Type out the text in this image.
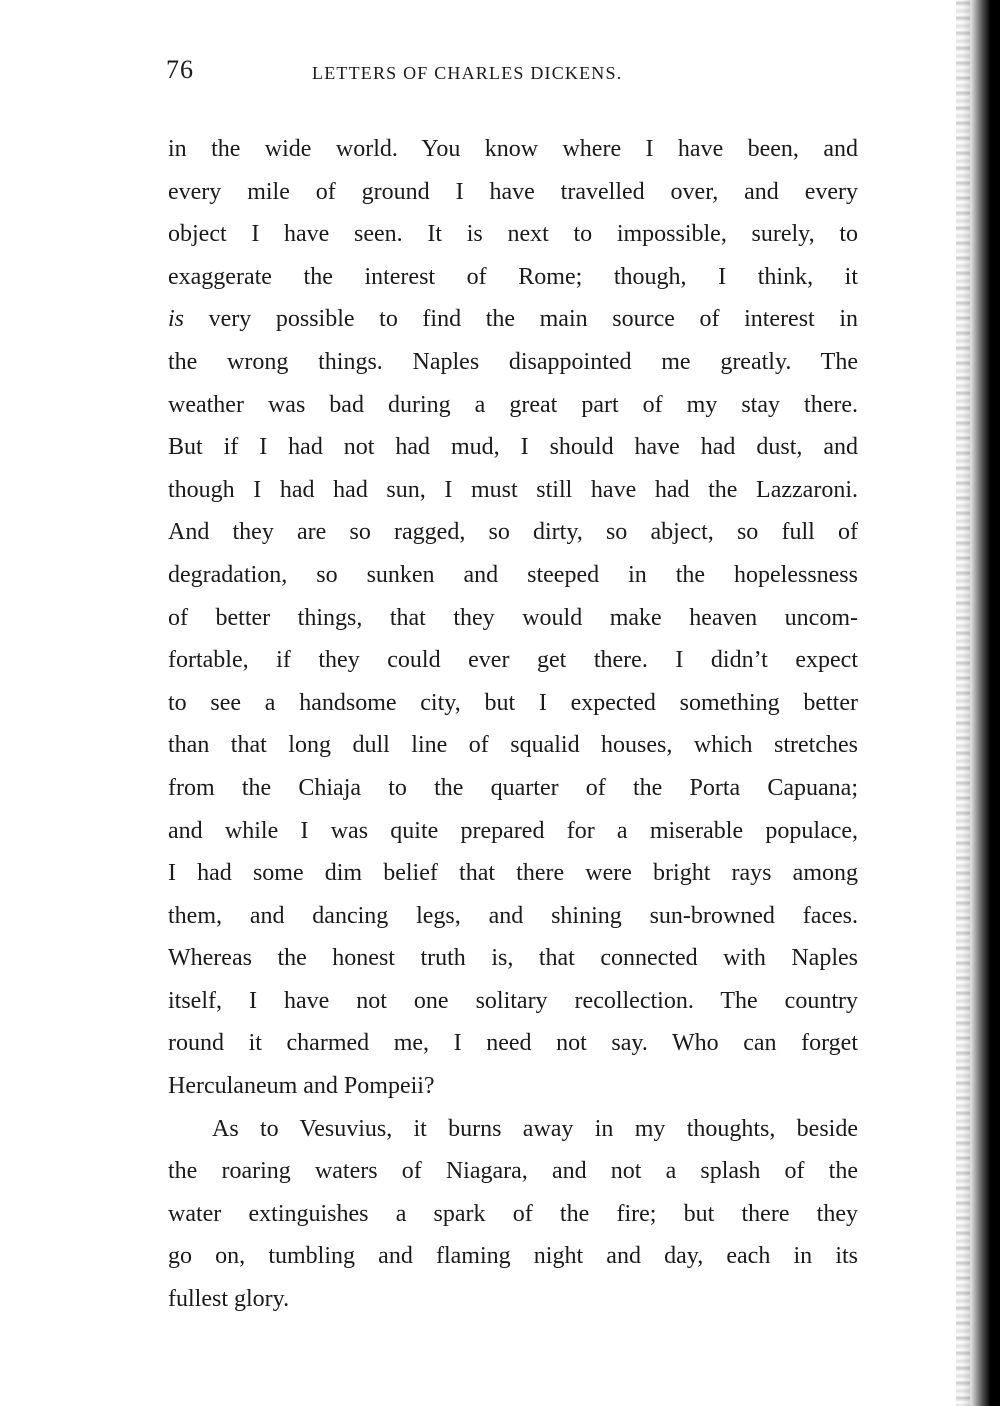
76	LETTERS OF CHARLES DICKENS.
in the wide world. You know where I have been, and
every mile of ground I have travelled over, and every
object I have seen. It is next to impossible, surely, to
exaggerate the interest of Rome; though, I think, it
is very possible to find the main source of interest in
the wrong things. Naples disappointed me greatly. The
weather was bad during a great part of my stay there.
But if I had not had mud, I should have had dust, and
though I had had sun, I must still have had the Lazzaroni.
And they are so ragged, so dirty, so abject, so full of
degradation, so sunken and steeped in the hopelessness
of better things, that they would make heaven uncom-
fortable, if they could ever get there. I didn’t expect
to see a handsome city, but I expected something better
than that long dull line of squalid houses, which stretches
from the Chiaja to the quarter of the Porta Capuana;
and while I was quite prepared for a miserable populace,
I had some dim belief that there were bright rays among
them, and dancing legs, and shining sun-browned faces.
Whereas the honest truth is, that connected with Naples
itself, I have not one solitary recollection. The country
round it charmed me, I need not say. Who can forget
Herculaneum and Pompeii?
As to Vesuvius, it burns away in my thoughts, beside
the roaring waters of Niagara, and not a splash of the
water extinguishes a spark of the fire; but there they
go on, tumbling and flaming night and day, each in its
fullest glory.
